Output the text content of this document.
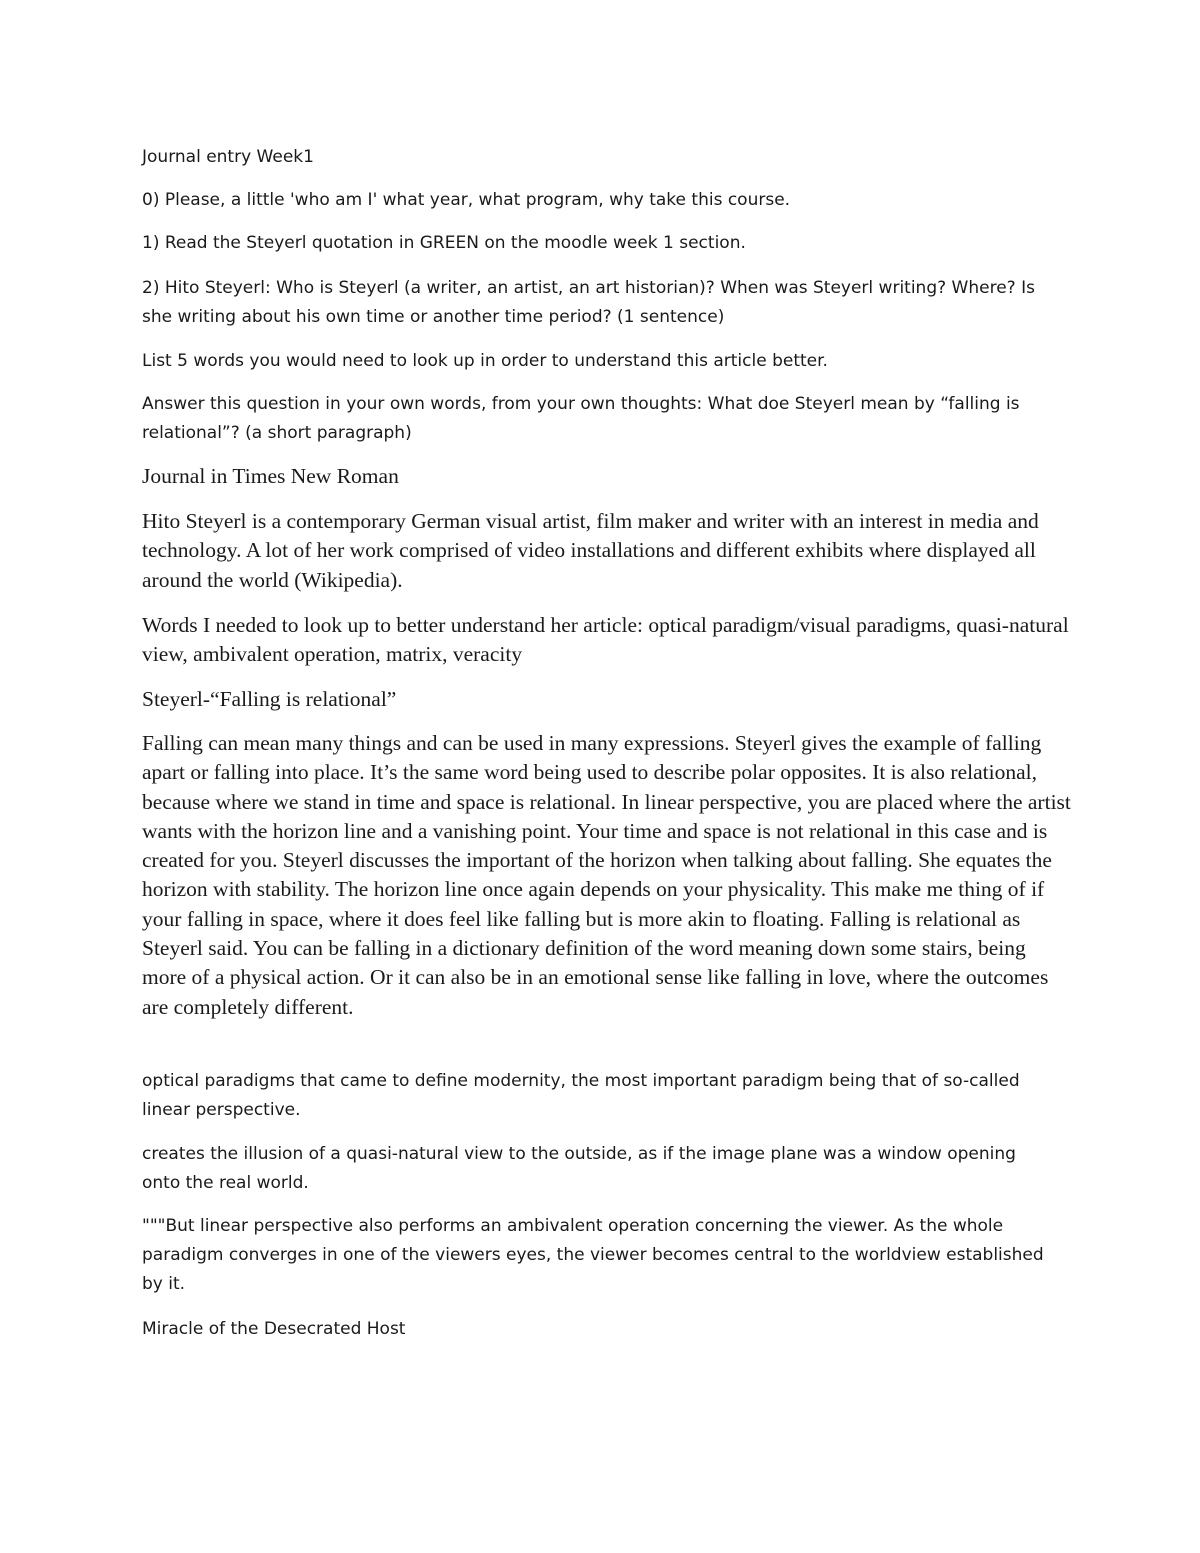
Journal entry Week1

0) Please, a little 'who am I' what year, what program, why take this course.

1) Read the Steyerl quotation in GREEN on the moodle week 1 section.

2) Hito Steyerl: Who is Steyerl (a writer, an artist, an art historian)? When was Steyerl writing? Where? Is she writing about his own time or another time period? (1 sentence)

List 5 words you would need to look up in order to understand this article better.

Answer this question in your own words, from your own thoughts: What doe Steyerl mean by “falling is relational”? (a short paragraph)

Journal in Times New Roman

Hito Steyerl is a contemporary German visual artist, film maker and writer with an interest in media and technology. A lot of her work comprised of video installations and different exhibits where displayed all around the world (Wikipedia).

Words I needed to look up to better understand her article: optical paradigm/visual paradigms, quasi-natural view, ambivalent operation, matrix, veracity

Steyerl-“Falling is relational”

Falling can mean many things and can be used in many expressions. Steyerl gives the example of falling apart or falling into place. It’s the same word being used to describe polar opposites. It is also relational, because where we stand in time and space is relational. In linear perspective, you are placed where the artist wants with the horizon line and a vanishing point. Your time and space is not relational in this case and is created for you. Steyerl discusses the important of the horizon when talking about falling. She equates the horizon with stability. The horizon line once again depends on your physicality. This make me thing of if your falling in space, where it does feel like falling but is more akin to floating. Falling is relational as Steyerl said. You can be falling in a dictionary definition of the word meaning down some stairs, being more of a physical action. Or it can also be in an emotional sense like falling in love, where the outcomes are completely different.

optical paradigms that came to define modernity, the most important paradigm being that of so-called linear perspective.

creates the illusion of a quasi-natural view to the outside, as if the image plane was a window opening onto the real world.

"""But linear perspective also performs an ambivalent operation concerning the viewer. As the whole paradigm converges in one of the viewers eyes, the viewer becomes central to the worldview established by it.

Miracle of the Desecrated Host
